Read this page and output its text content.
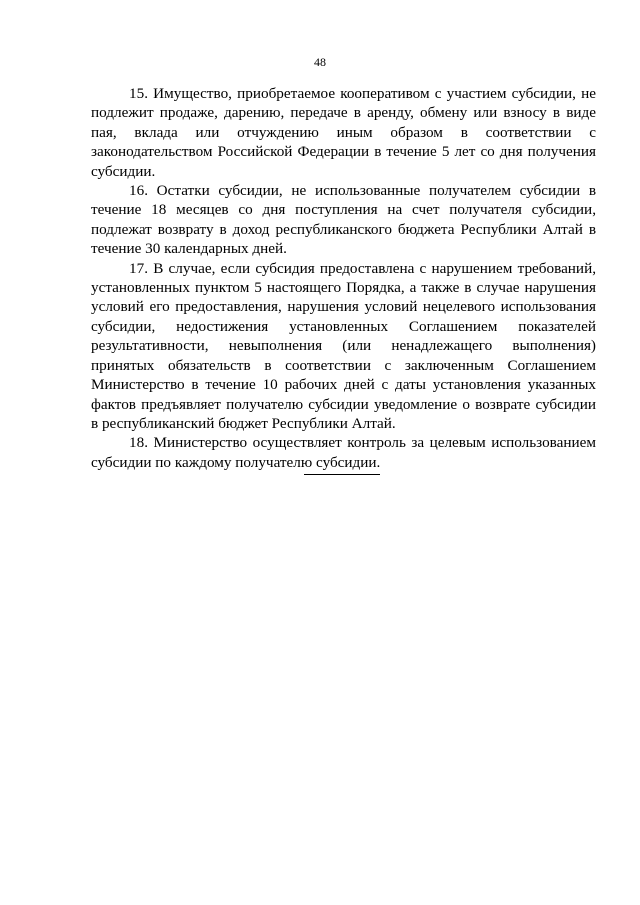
48

15. Имущество, приобретаемое кооперативом с участием субсидии, не подлежит продаже, дарению, передаче в аренду, обмену или взносу в виде пая, вклада или отчуждению иным образом в соответствии с законодательством Российской Федерации в течение 5 лет со дня получения субсидии.

16. Остатки субсидии, не использованные получателем субсидии в течение 18 месяцев со дня поступления на счет получателя субсидии, подлежат возврату в доход республиканского бюджета Республики Алтай в течение 30 календарных дней.

17. В случае, если субсидия предоставлена с нарушением требований, установленных пунктом 5 настоящего Порядка, а также в случае нарушения условий его предоставления, нарушения условий нецелевого использования субсидии, недостижения установленных Соглашением показателей результативности, невыполнения (или ненадлежащего выполнения) принятых обязательств в соответствии с заключенным Соглашением Министерство в течение 10 рабочих дней с даты установления указанных фактов предъявляет получателю субсидии уведомление о возврате субсидии в республиканский бюджет Республики Алтай.

18. Министерство осуществляет контроль за целевым использованием субсидии по каждому получателю субсидии.
